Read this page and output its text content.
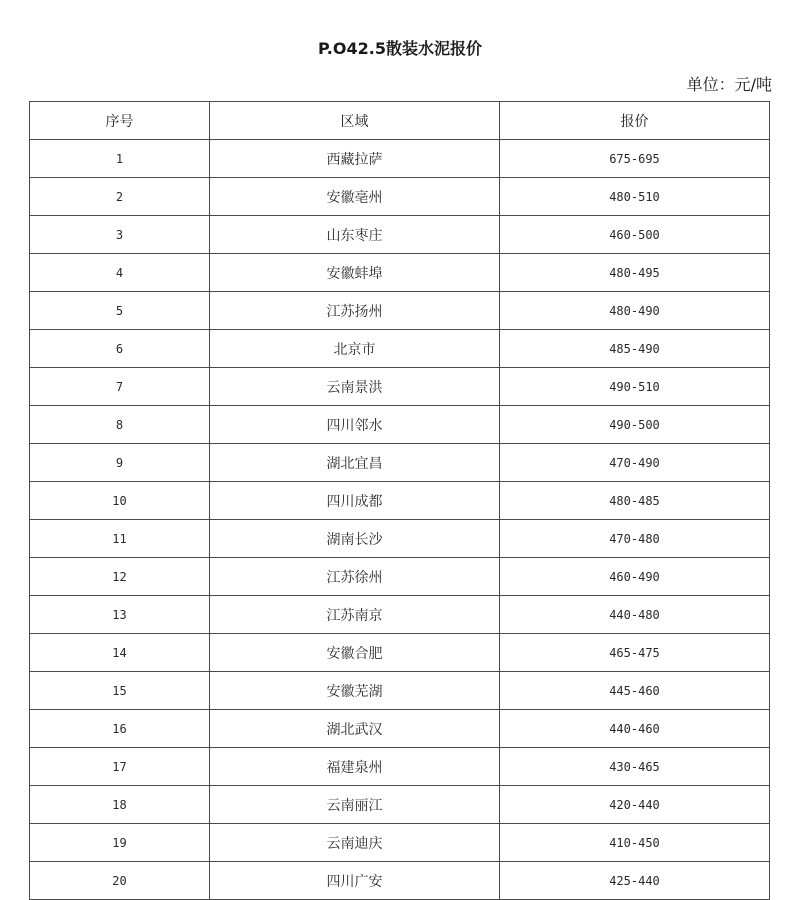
P.O42.5散装水泥报价
单位：元/吨
序号	区域	报价
1	西藏拉萨	675-695
2	安徽亳州	480-510
3	山东枣庄	460-500
4	安徽蚌埠	480-495
5	江苏扬州	480-490
6	北京市	485-490
7	云南景洪	490-510
8	四川邻水	490-500
9	湖北宜昌	470-490
10	四川成都	480-485
11	湖南长沙	470-480
12	江苏徐州	460-490
13	江苏南京	440-480
14	安徽合肥	465-475
15	安徽芜湖	445-460
16	湖北武汉	440-460
17	福建泉州	430-465
18	云南丽江	420-440
19	云南迪庆	410-450
20	四川广安	425-440
